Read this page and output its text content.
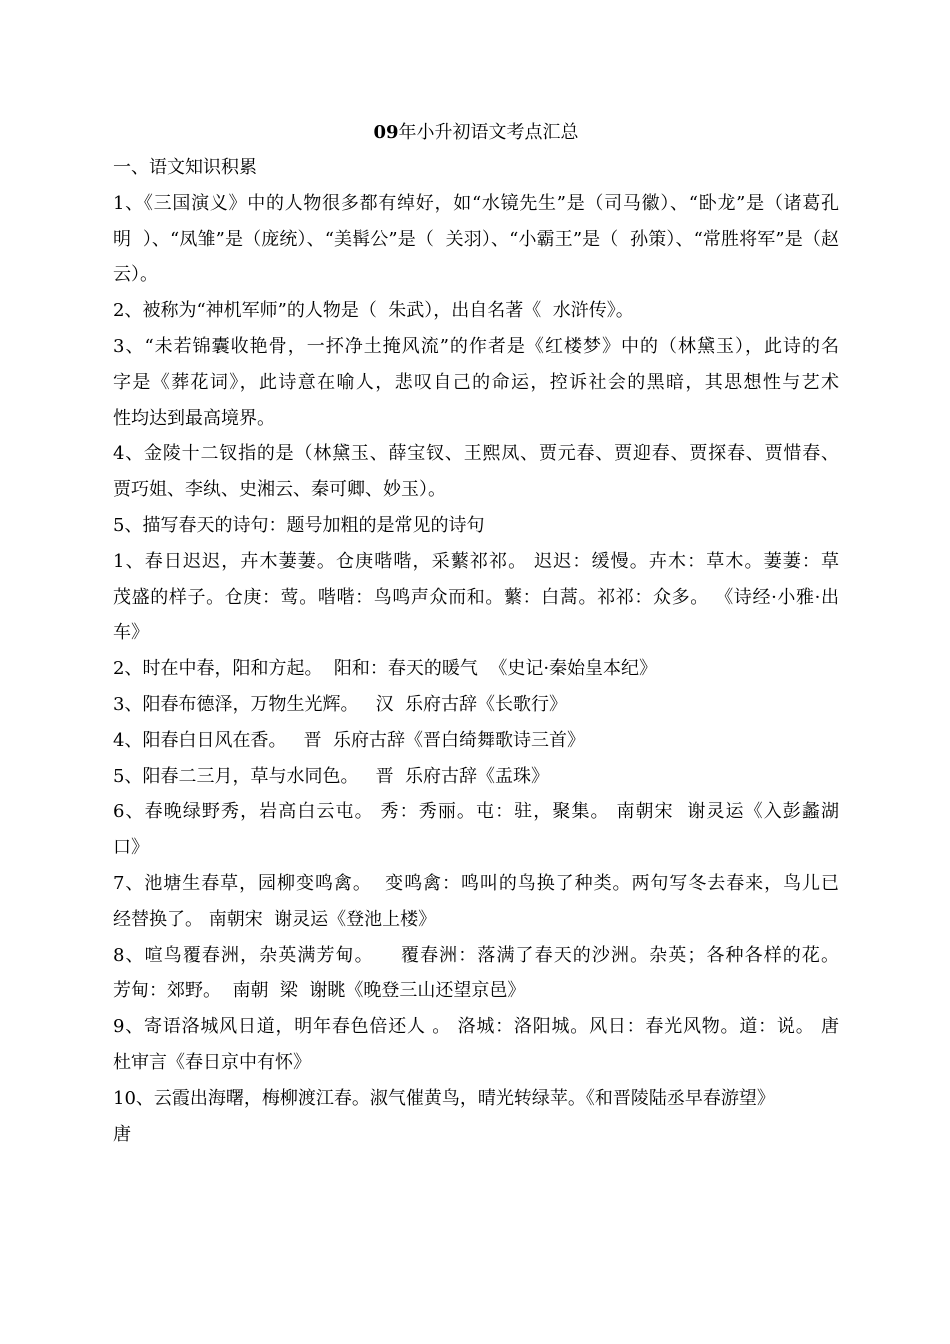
09年小升初语文考点汇总

一、语文知识积累

1、《三国演义》中的人物很多都有绰好，如“水镜先生”是（司马徽）、“卧龙”是（诸葛孔

明  ）、“凤雏”是（庞统）、“美髯公”是（  关羽）、“小霸王”是（  孙策）、“常胜将军”是（赵

云）。

2、被称为“神机军师”的人物是（  朱武），出自名著《  水浒传》。

3、“未若锦囊收艳骨，一抔净土掩风流”的作者是《红楼梦》中的（林黛玉），此诗的名

字是《葬花词》，此诗意在喻人，悲叹自己的命运，控诉社会的黑暗，其思想性与艺术

性均达到最高境界。

4、金陵十二钗指的是（林黛玉、薛宝钗、王熙凤、贾元春、贾迎春、贾探春、贾惜春、

贾巧姐、李纨、史湘云、秦可卿、妙玉）。

5、描写春天的诗句：题号加粗的是常见的诗句

1、春日迟迟，卉木萋萋。仓庚喈喈，采蘩祁祁。 迟迟：缓慢。卉木：草木。萋萋：草

茂盛的样子。仓庚：莺。喈喈：鸟鸣声众而和。蘩：白蒿。祁祁：众多。 《诗经·小雅·出

车》

2、时在中春，阳和方起。  阳和：春天的暖气  《史记·秦始皇本纪》

3、阳春布德泽，万物生光辉。   汉  乐府古辞《长歌行》

4、阳春白日风在香。   晋  乐府古辞《晋白绮舞歌诗三首》

5、阳春二三月，草与水同色。   晋  乐府古辞《盂珠》

6、春晚绿野秀，岩高白云屯。 秀：秀丽。屯：驻，聚集。 南朝宋  谢灵运《入彭蠡湖

口》

7、池塘生春草，园柳变鸣禽。  变鸣禽：鸣叫的鸟换了种类。两句写冬去春来，鸟儿已

经替换了。 南朝宋  谢灵运《登池上楼》

8、喧鸟覆春洲，杂英满芳甸。    覆春洲：落满了春天的沙洲。杂英；各种各样的花。

芳甸：郊野。  南朝  梁  谢眺《晚登三山还望京邑》

9、寄语洛城风日道，明年春色倍还人 。 洛城：洛阳城。风日：春光风物。道：说。 唐

杜审言《春日京中有怀》

10、云霞出海曙，梅柳渡江春。淑气催黄鸟，晴光转绿苹。《和晋陵陆丞早春游望》

唐
